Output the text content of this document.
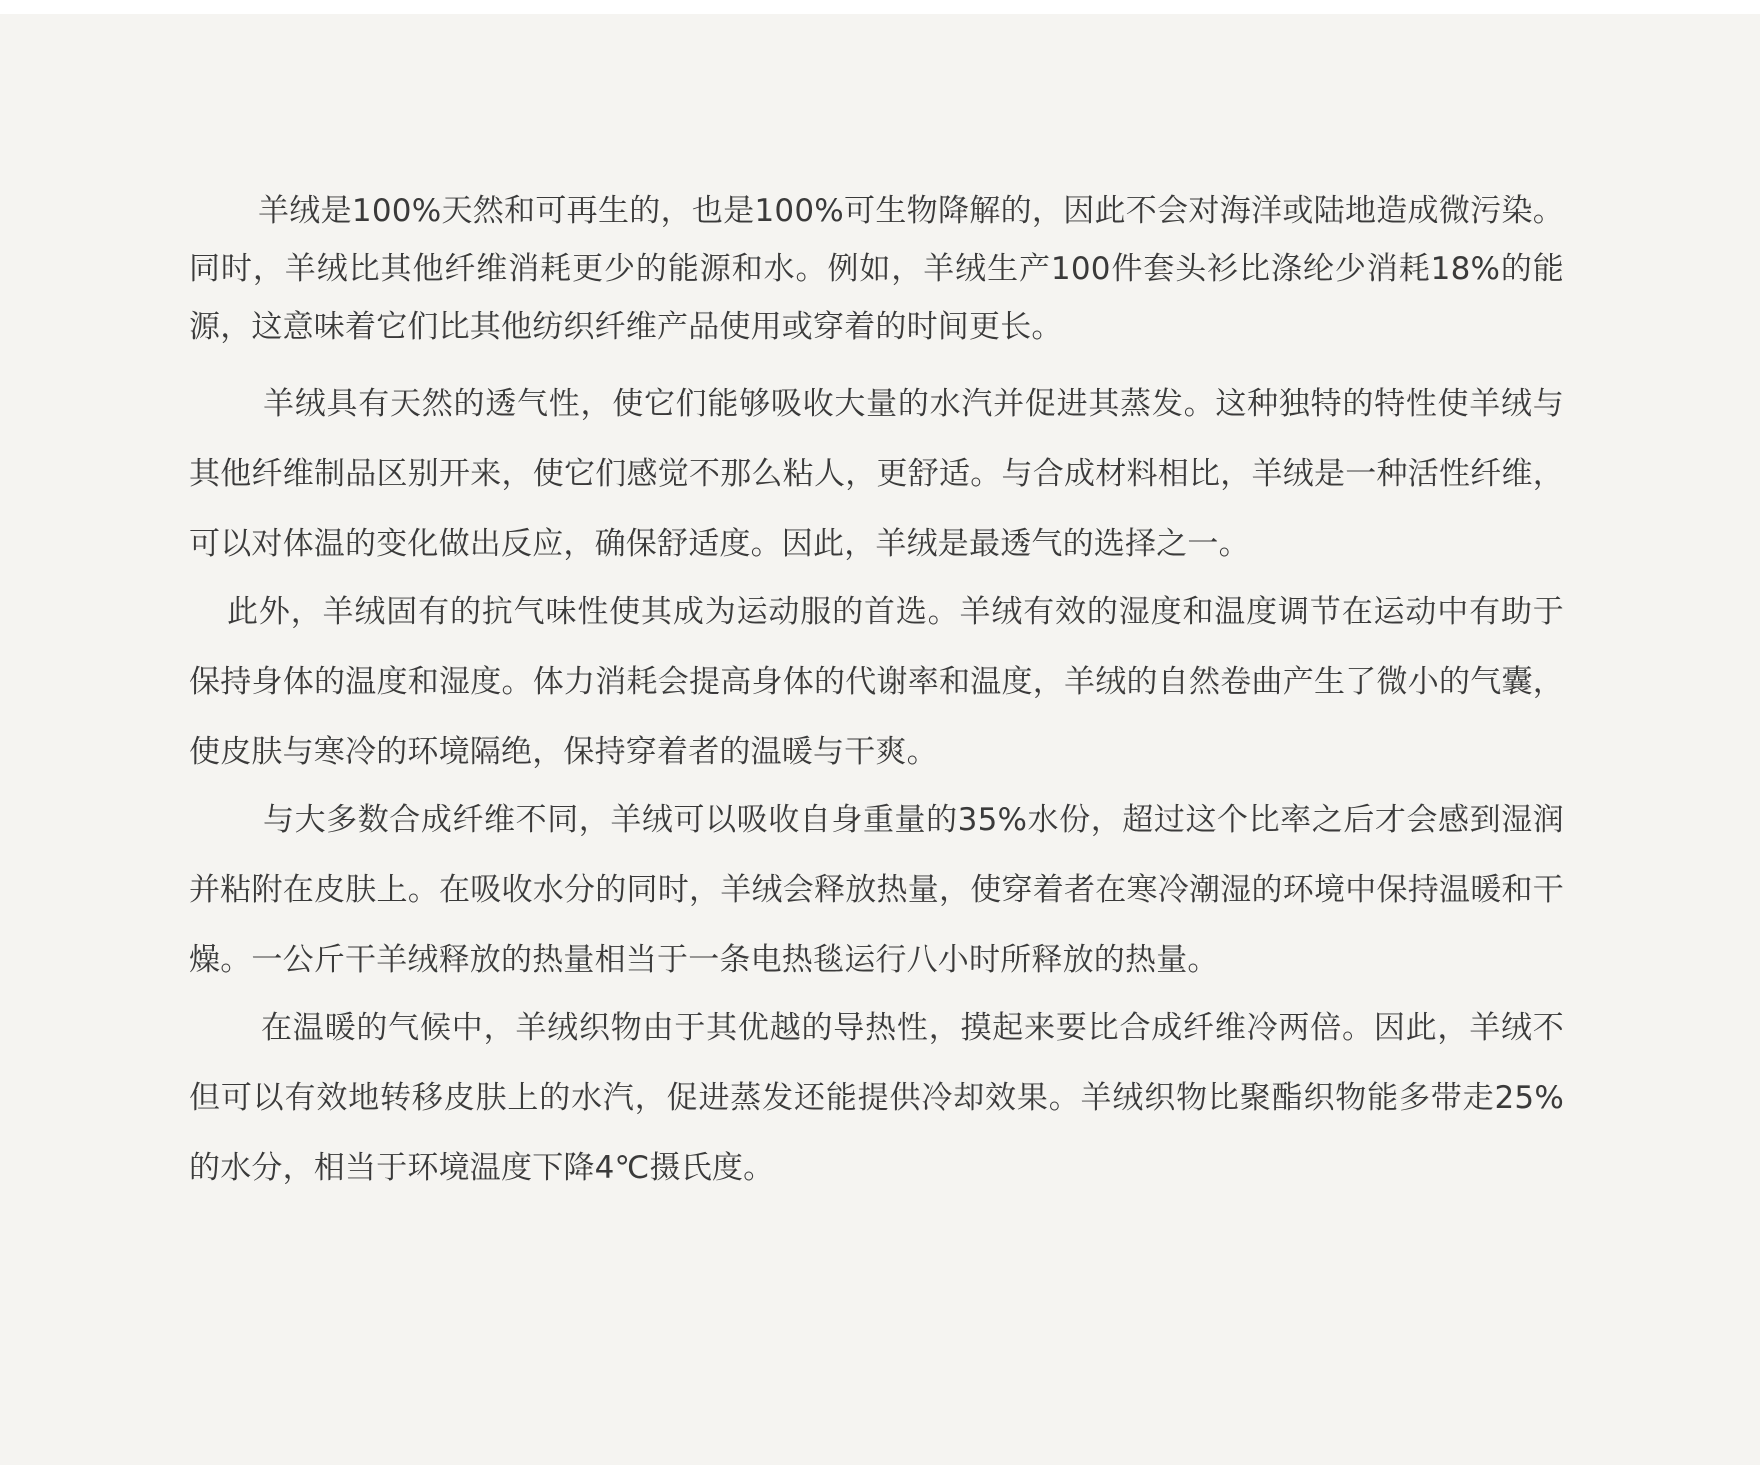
羊绒是100%天然和可再生的，也是100%可生物降解的，因此不会对海洋或陆地造成微污染。同时，羊绒比其他纤维消耗更少的能源和水。例如，羊绒生产100件套头衫比涤纶少消耗18%的能源，这意味着它们比其他纺织纤维产品使用或穿着的时间更长。

羊绒具有天然的透气性，使它们能够吸收大量的水汽并促进其蒸发。这种独特的特性使羊绒与其他纤维制品区别开来，使它们感觉不那么粘人，更舒适。与合成材料相比，羊绒是一种活性纤维，可以对体温的变化做出反应，确保舒适度。因此，羊绒是最透气的选择之一。

此外，羊绒固有的抗气味性使其成为运动服的首选。羊绒有效的湿度和温度调节在运动中有助于保持身体的温度和湿度。体力消耗会提高身体的代谢率和温度，羊绒的自然卷曲产生了微小的气囊，使皮肤与寒冷的环境隔绝，保持穿着者的温暖与干爽。

与大多数合成纤维不同，羊绒可以吸收自身重量的35%水份，超过这个比率之后才会感到湿润并粘附在皮肤上。在吸收水分的同时，羊绒会释放热量，使穿着者在寒冷潮湿的环境中保持温暖和干燥。一公斤干羊绒释放的热量相当于一条电热毯运行八小时所释放的热量。

在温暖的气候中，羊绒织物由于其优越的导热性，摸起来要比合成纤维冷两倍。因此，羊绒不但可以有效地转移皮肤上的水汽，促进蒸发还能提供冷却效果。羊绒织物比聚酯织物能多带走25%的水分，相当于环境温度下降4℃摄氏度。
